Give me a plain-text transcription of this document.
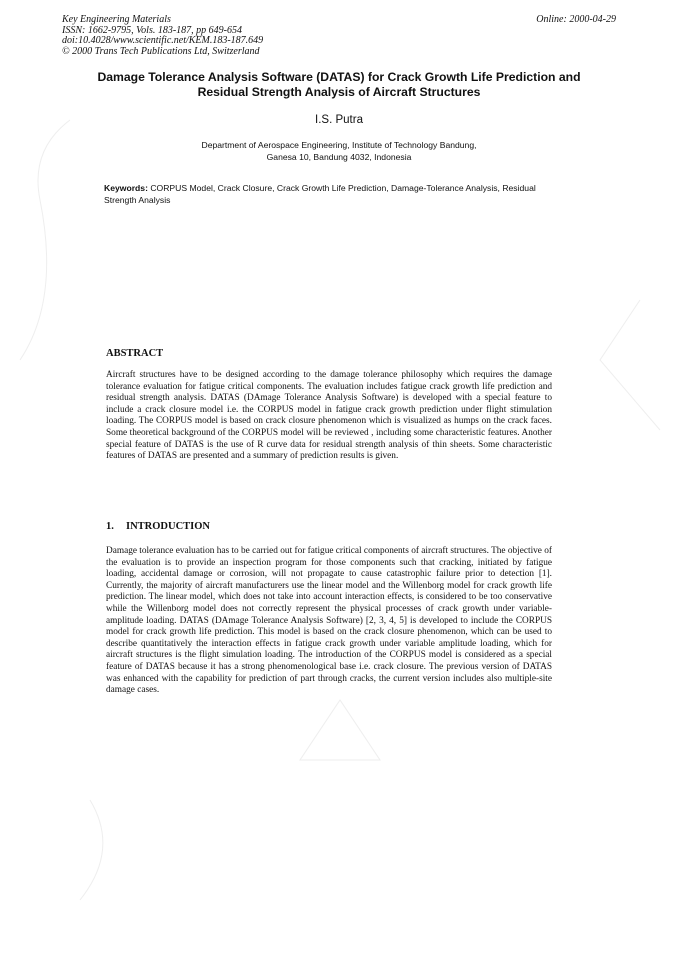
Key Engineering Materials
ISSN: 1662-9795, Vols. 183-187, pp 649-654
doi:10.4028/www.scientific.net/KEM.183-187.649
© 2000 Trans Tech Publications Ltd, Switzerland
Online: 2000-04-29
Damage Tolerance Analysis Software (DATAS) for Crack Growth Life Prediction and Residual Strength Analysis of Aircraft Structures
I.S. Putra
Department of Aerospace Engineering, Institute of Technology Bandung,
Ganesa 10, Bandung 4032, Indonesia
Keywords: CORPUS Model, Crack Closure, Crack Growth Life Prediction, Damage-Tolerance Analysis, Residual Strength Analysis
ABSTRACT
Aircraft structures have to be designed according to the damage tolerance philosophy which requires the damage tolerance evaluation for fatigue critical components. The evaluation includes fatigue crack growth life prediction and residual strength analysis. DATAS (DAmage Tolerance Analysis Software) is developed with a special feature to include a crack closure model i.e. the CORPUS model in fatigue crack growth prediction under flight stimulation loading. The CORPUS model is based on crack closure phenomenon which is visualized as humps on the crack faces. Some theoretical background of the CORPUS model will be reviewed , including some characteristic features. Another special feature of DATAS is the use of R curve data for residual strength analysis of thin sheets. Some characteristic features of DATAS are presented and a summary of prediction results is given.
1. INTRODUCTION
Damage tolerance evaluation has to be carried out for fatigue critical components of aircraft structures. The objective of the evaluation is to provide an inspection program for those components such that cracking, initiated by fatigue loading, accidental damage or corrosion, will not propagate to cause catastrophic failure prior to detection [1]. Currently, the majority of aircraft manufacturers use the linear model and the Willenborg model for crack growth life prediction. The linear model, which does not take into account interaction effects, is considered to be too conservative while the Willenborg model does not correctly represent the physical processes of crack growth under variable-amplitude loading. DATAS (DAmage Tolerance Analysis Software) [2, 3, 4, 5] is developed to include the CORPUS model for crack growth life prediction. This model is based on the crack closure phenomenon, which can be used to describe quantitatively the interaction effects in fatigue crack growth under variable amplitude loading, which for aircraft structures is the flight simulation loading. The introduction of the CORPUS model is considered as a special feature of DATAS because it has a strong phenomenological base i.e. crack closure. The previous version of DATAS was enhanced with the capability for prediction of part through cracks, the current version includes also multiple-site damage cases.
